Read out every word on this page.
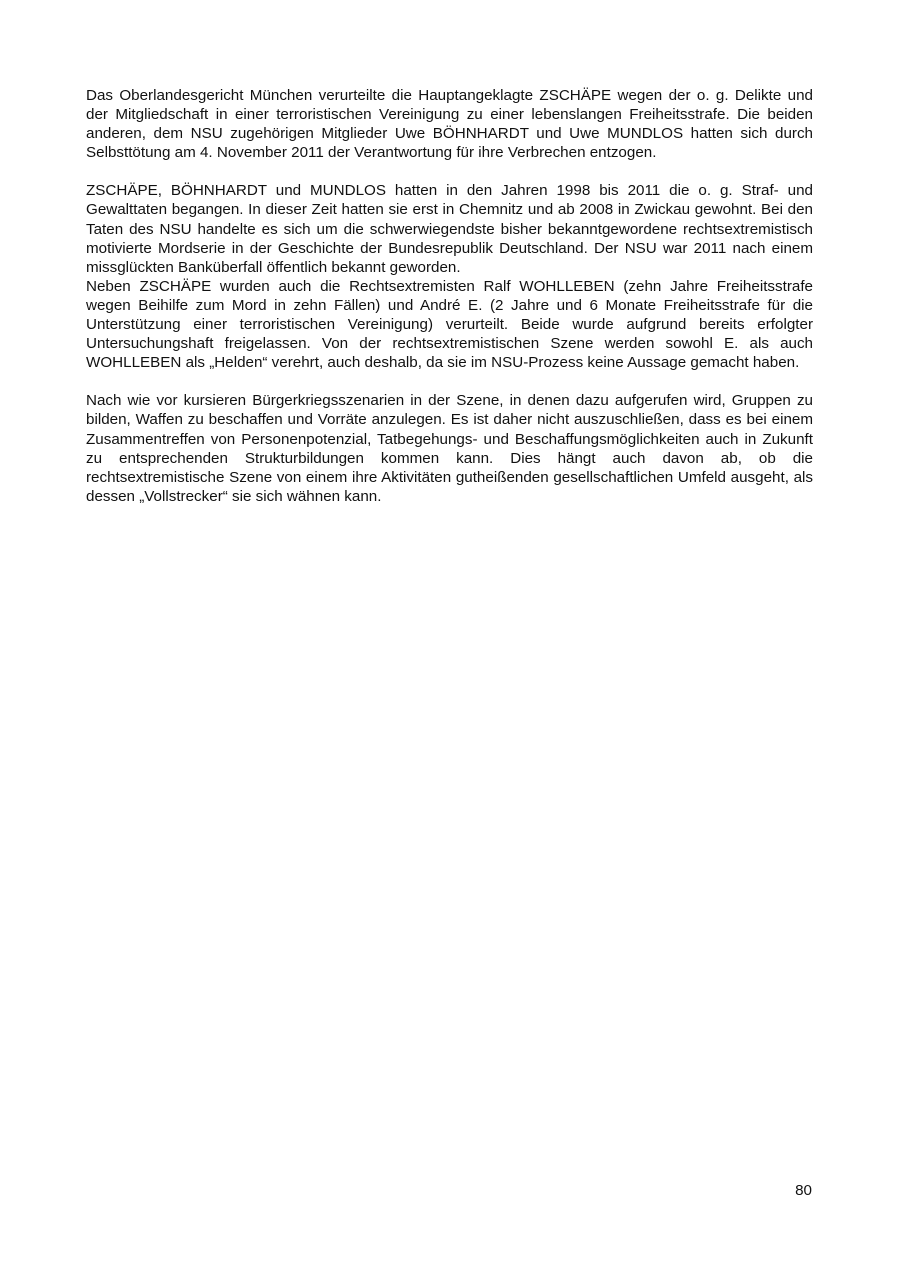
Das Oberlandesgericht München verurteilte die Hauptangeklagte ZSCHÄPE wegen der o. g. Delikte und der Mitgliedschaft in einer terroristischen Vereinigung zu einer lebenslangen Freiheitsstrafe. Die beiden anderen, dem NSU zugehörigen Mitglieder Uwe BÖHNHARDT und Uwe MUNDLOS hatten sich durch Selbsttötung am 4. November 2011 der Verantwortung für ihre Verbrechen entzogen.

ZSCHÄPE, BÖHNHARDT und MUNDLOS hatten in den Jahren 1998 bis 2011 die o. g. Straf- und Gewalttaten begangen. In dieser Zeit hatten sie erst in Chemnitz und ab 2008 in Zwickau gewohnt. Bei den Taten des NSU handelte es sich um die schwerwiegendste bisher bekanntgewordene rechtsextremistisch motivierte Mordserie in der Geschichte der Bundesrepublik Deutschland. Der NSU war 2011 nach einem missglückten Banküberfall öffentlich bekannt geworden.

Neben ZSCHÄPE wurden auch die Rechtsextremisten Ralf WOHLLEBEN (zehn Jahre Freiheitsstrafe wegen Beihilfe zum Mord in zehn Fällen) und André E. (2 Jahre und 6 Monate Freiheitsstrafe für die Unterstützung einer terroristischen Vereinigung) verurteilt. Beide wurde aufgrund bereits erfolgter Untersuchungshaft freigelassen. Von der rechtsextremistischen Szene werden sowohl E. als auch WOHLLEBEN als „Helden“ verehrt, auch deshalb, da sie im NSU-Prozess keine Aussage gemacht haben.

Nach wie vor kursieren Bürgerkriegsszenarien in der Szene, in denen dazu aufgerufen wird, Gruppen zu bilden, Waffen zu beschaffen und Vorräte anzulegen. Es ist daher nicht auszuschließen, dass es bei einem Zusammentreffen von Personenpotenzial, Tatbegehungs- und Beschaffungsmöglichkeiten auch in Zukunft zu entsprechenden Strukturbildungen kommen kann. Dies hängt auch davon ab, ob die rechtsextremistische Szene von einem ihre Aktivitäten gutheißenden gesellschaftlichen Umfeld ausgeht, als dessen „Vollstrecker“ sie sich wähnen kann.

80
